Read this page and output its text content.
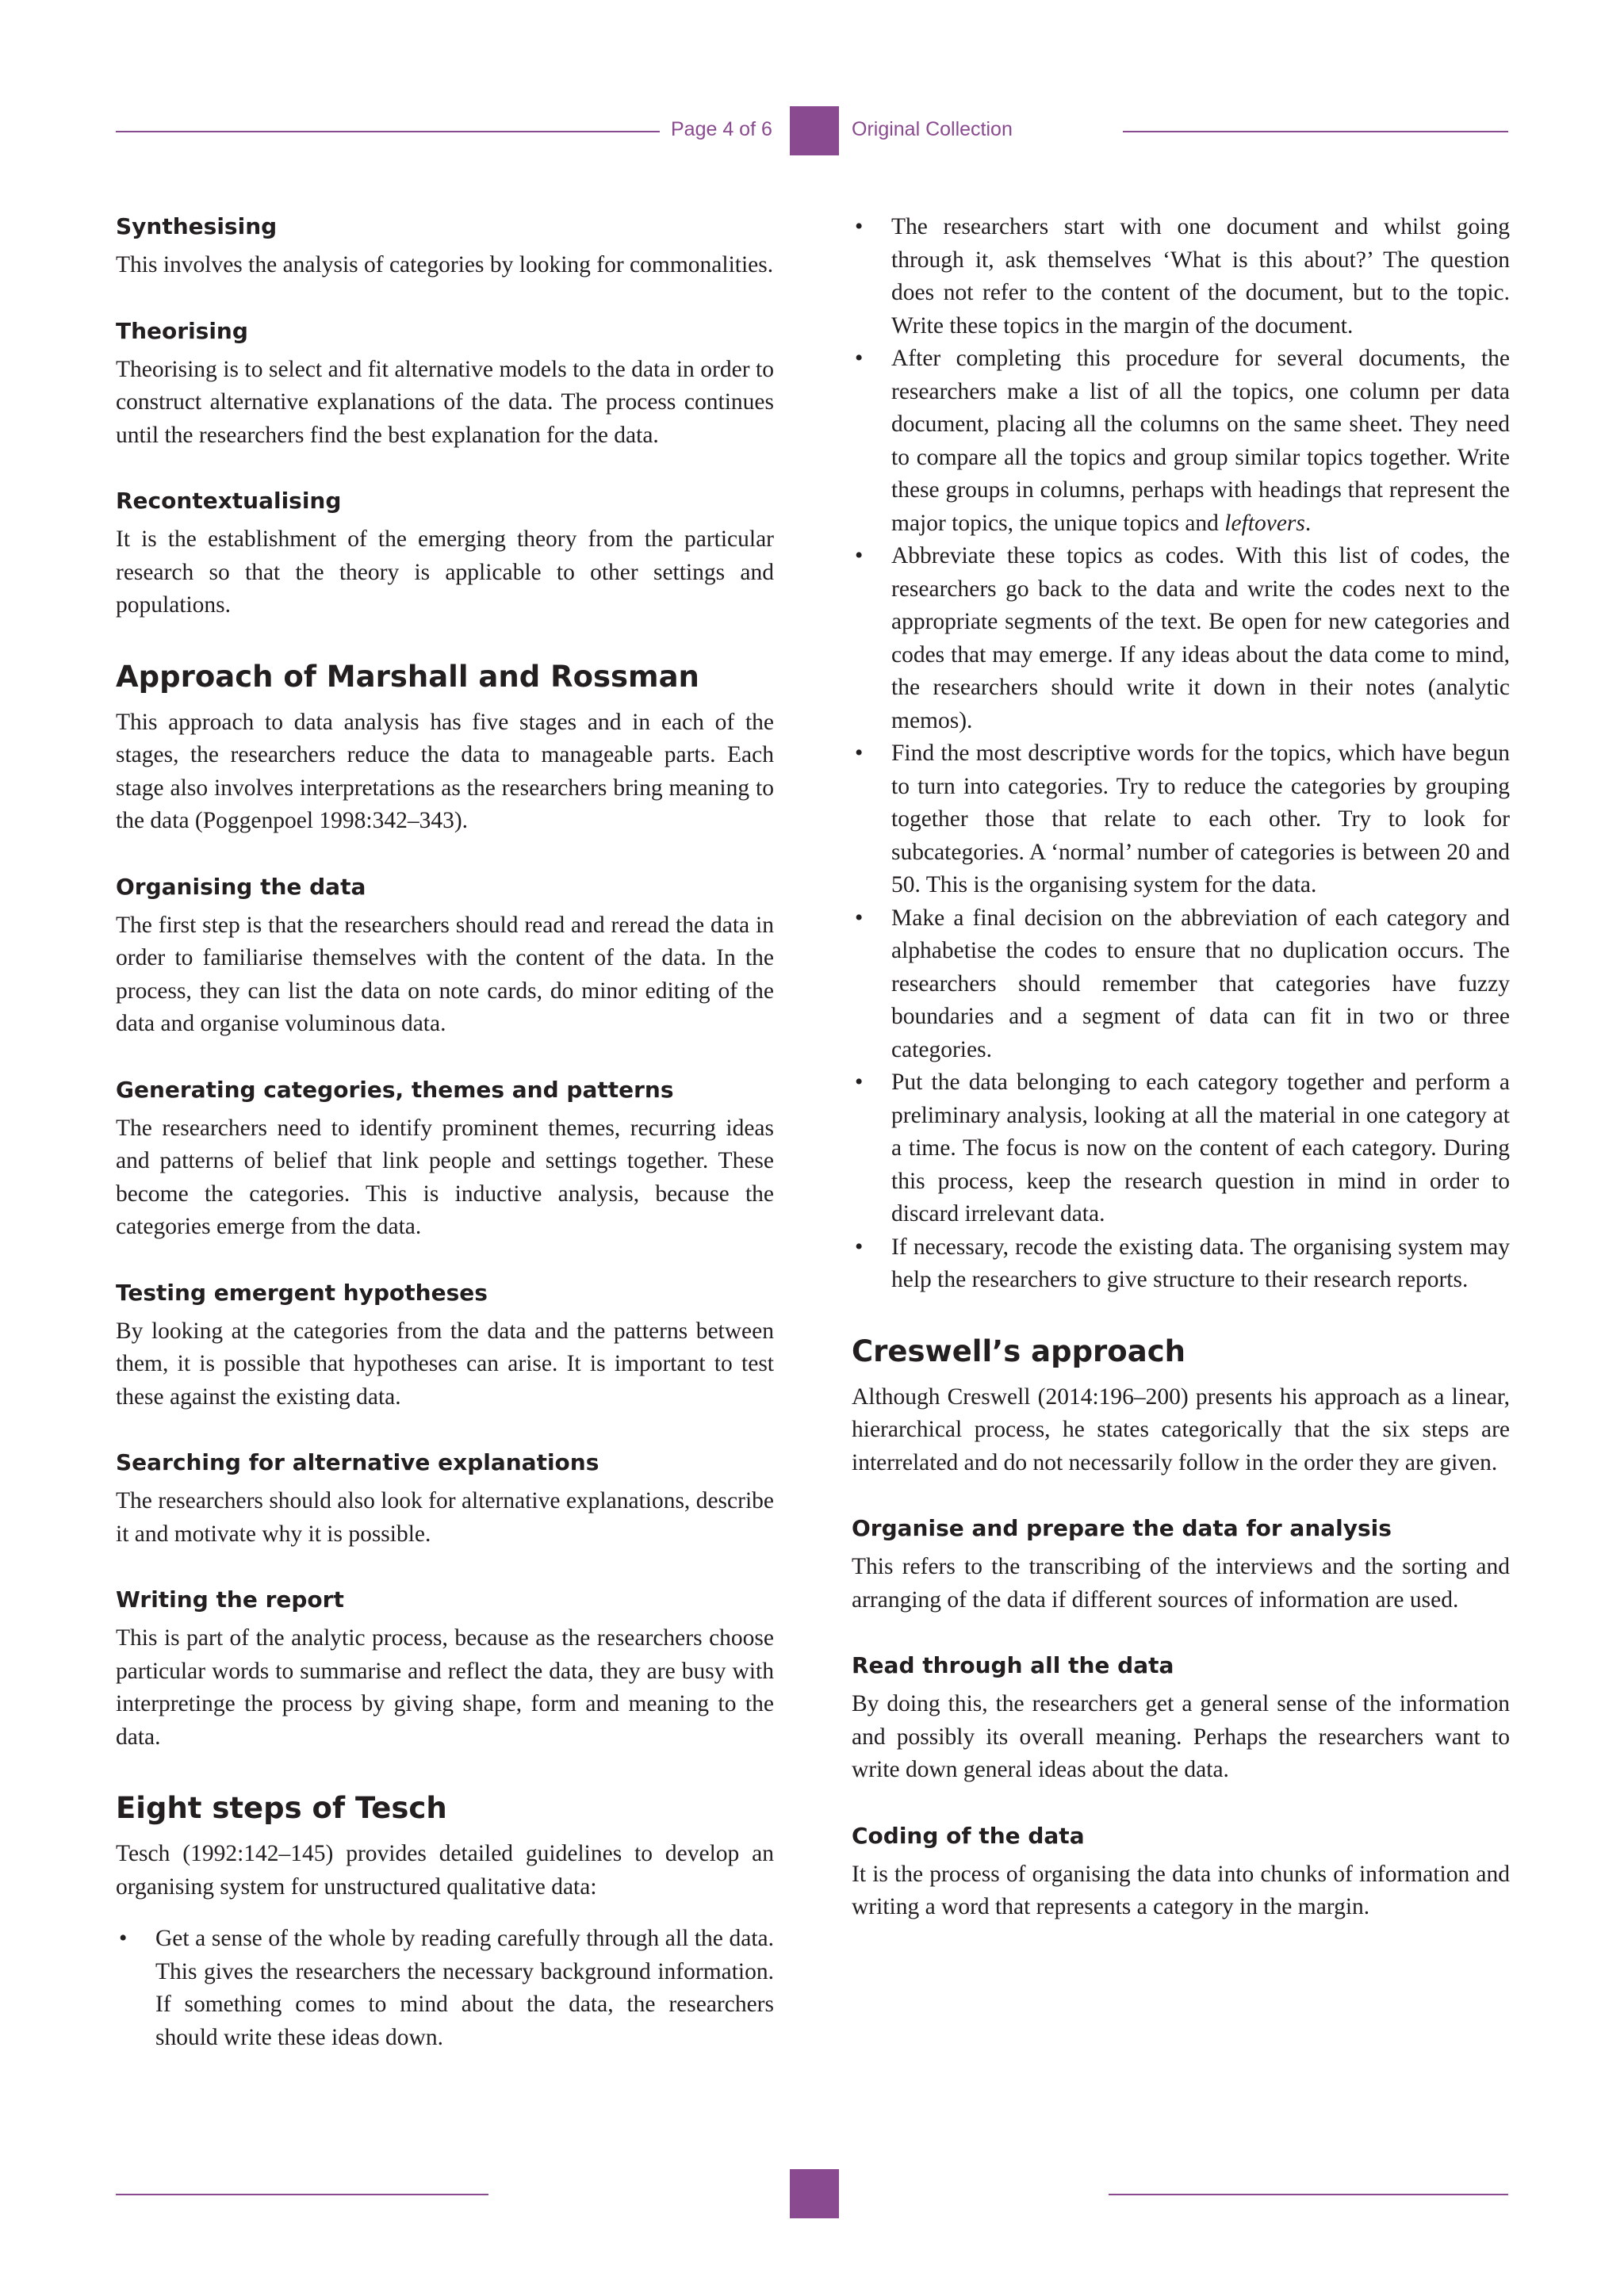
Page 4 of 6	Original Collection
Synthesising

This involves the analysis of categories by looking for commonalities.

Theorising

Theorising is to select and fit alternative models to the data in order to construct alternative explanations of the data. The process continues until the researchers find the best explanation for the data.

Recontextualising

It is the establishment of the emerging theory from the particular research so that the theory is applicable to other settings and populations.

Approach of Marshall and Rossman

This approach to data analysis has five stages and in each of the stages, the researchers reduce the data to manageable parts. Each stage also involves interpretations as the researchers bring meaning to the data (Poggenpoel 1998:342–343).

Organising the data

The first step is that the researchers should read and reread the data in order to familiarise themselves with the content of the data. In the process, they can list the data on note cards, do minor editing of the data and organise voluminous data.

Generating categories, themes and patterns

The researchers need to identify prominent themes, recurring ideas and patterns of belief that link people and settings together. These become the categories. This is inductive analysis, because the categories emerge from the data.

Testing emergent hypotheses

By looking at the categories from the data and the patterns between them, it is possible that hypotheses can arise. It is important to test these against the existing data.

Searching for alternative explanations

The researchers should also look for alternative explanations, describe it and motivate why it is possible.

Writing the report

This is part of the analytic process, because as the researchers choose particular words to summarise and reflect the data, they are busy with interpretinge the process by giving shape, form and meaning to the data.

Eight steps of Tesch

Tesch (1992:142–145) provides detailed guidelines to develop an organising system for unstructured qualitative data:

• Get a sense of the whole by reading carefully through all the data. This gives the researchers the necessary background information. If something comes to mind about the data, the researchers should write these ideas down.
• The researchers start with one document and whilst going through it, ask themselves ‘What is this about?’ The question does not refer to the content of the document, but to the topic. Write these topics in the margin of the document.
• After completing this procedure for several documents, the researchers make a list of all the topics, one column per data document, placing all the columns on the same sheet. They need to compare all the topics and group similar topics together. Write these groups in columns, perhaps with headings that represent the major topics, the unique topics and leftovers.
• Abbreviate these topics as codes. With this list of codes, the researchers go back to the data and write the codes next to the appropriate segments of the text. Be open for new categories and codes that may emerge. If any ideas about the data come to mind, the researchers should write it down in their notes (analytic memos).
• Find the most descriptive words for the topics, which have begun to turn into categories. Try to reduce the categories by grouping together those that relate to each other. Try to look for subcategories. A ‘normal’ number of categories is between 20 and 50. This is the organising system for the data.
• Make a final decision on the abbreviation of each category and alphabetise the codes to ensure that no duplication occurs. The researchers should remember that categories have fuzzy boundaries and a segment of data can fit in two or three categories.
• Put the data belonging to each category together and perform a preliminary analysis, looking at all the material in one category at a time. The focus is now on the content of each category. During this process, keep the research question in mind in order to discard irrelevant data.
• If necessary, recode the existing data. The organising system may help the researchers to give structure to their research reports.
Creswell’s approach

Although Creswell (2014:196–200) presents his approach as a linear, hierarchical process, he states categorically that the six steps are interrelated and do not necessarily follow in the order they are given.

Organise and prepare the data for analysis

This refers to the transcribing of the interviews and the sorting and arranging of the data if different sources of information are used.

Read through all the data

By doing this, the researchers get a general sense of the information and possibly its overall meaning. Perhaps the researchers want to write down general ideas about the data.

Coding of the data

It is the process of organising the data into chunks of information and writing a word that represents a category in the margin.
